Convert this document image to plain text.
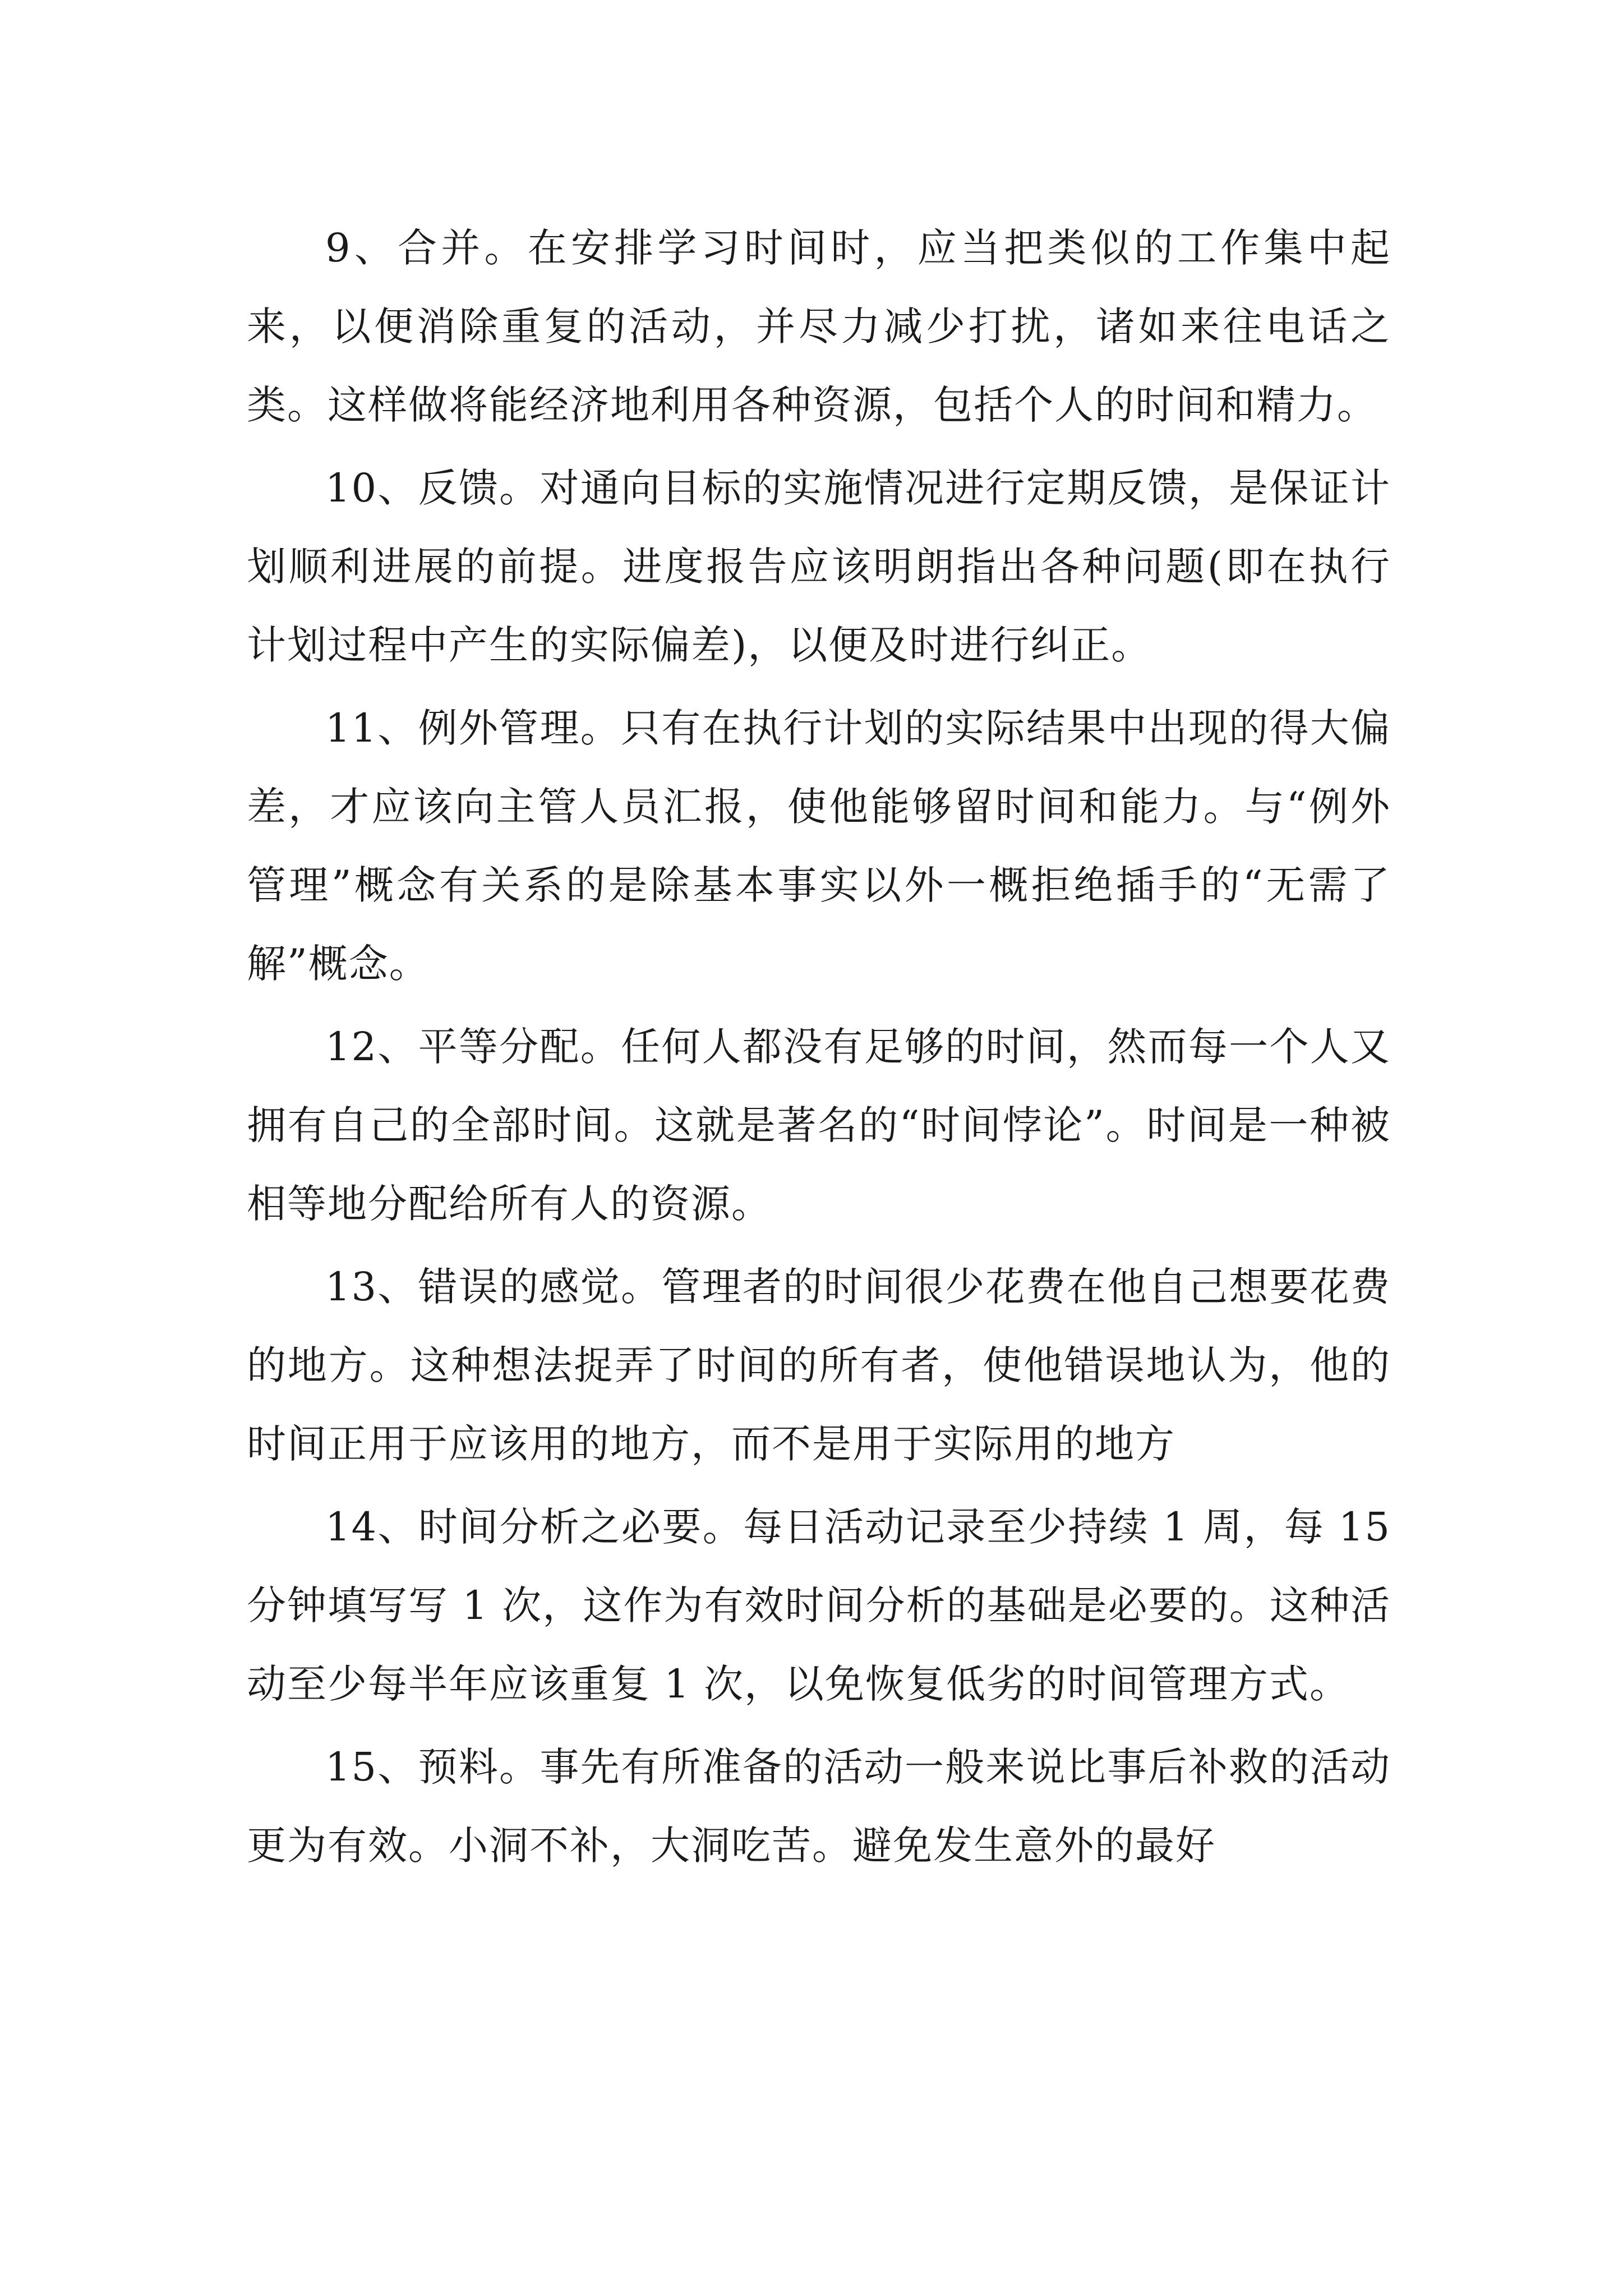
9、合并。在安排学习时间时，应当把类似的工作集中起来，以便消除重复的活动，并尽力减少打扰，诸如来往电话之类。这样做将能经济地利用各种资源，包括个人的时间和精力。

10、反馈。对通向目标的实施情况进行定期反馈，是保证计划顺利进展的前提。进度报告应该明朗指出各种问题(即在执行计划过程中产生的实际偏差)，以便及时进行纠正。

11、例外管理。只有在执行计划的实际结果中出现的得大偏差，才应该向主管人员汇报，使他能够留时间和能力。与“例外管理”概念有关系的是除基本事实以外一概拒绝插手的“无需了解”概念。

12、平等分配。任何人都没有足够的时间，然而每一个人又拥有自己的全部时间。这就是著名的“时间悖论”。时间是一种被相等地分配给所有人的资源。

13、错误的感觉。管理者的时间很少花费在他自己想要花费的地方。这种想法捉弄了时间的所有者，使他错误地认为，他的时间正用于应该用的地方，而不是用于实际用的地方

14、时间分析之必要。每日活动记录至少持续 1 周，每 15 分钟填写写 1 次，这作为有效时间分析的基础是必要的。这种活动至少每半年应该重复 1 次，以免恢复低劣的时间管理方式。

15、预料。事先有所准备的活动一般来说比事后补救的活动更为有效。小洞不补，大洞吃苦。避免发生意外的最好
